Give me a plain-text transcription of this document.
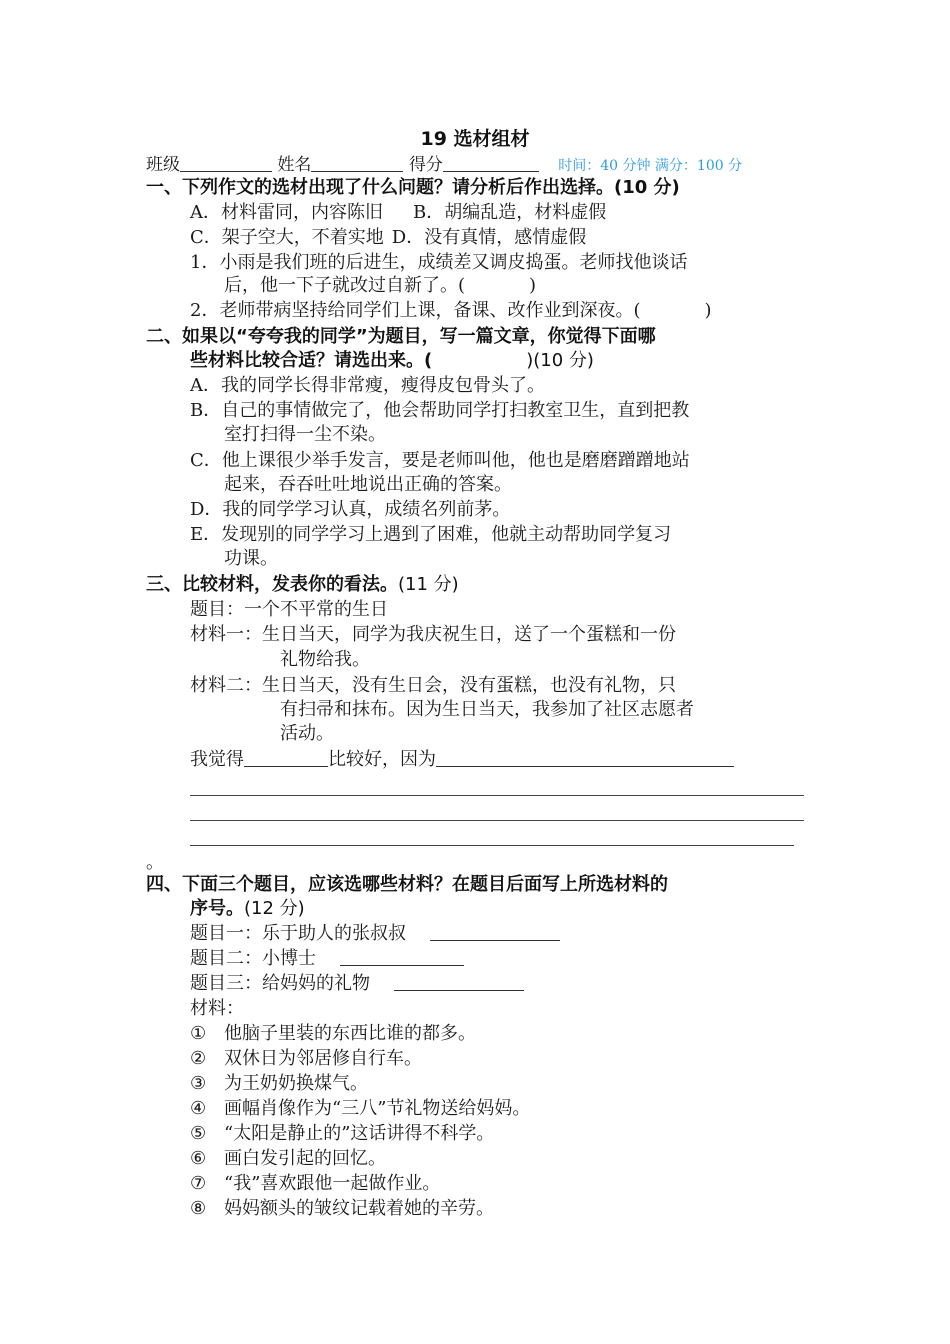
19 选材组材
班级	姓名	得分	时间：40 分钟 满分：100 分
一、下列作文的选材出现了什么问题？请分析后作出选择。(10 分)
A．材料雷同，内容陈旧 B．胡编乱造，材料虚假
C．架子空大，不着实地 D．没有真情，感情虚假
1．小雨是我们班的后进生，成绩差又调皮捣蛋。老师找他谈话
后，他一下子就改过自新了。(	)
2．老师带病坚持给同学们上课，备课、改作业到深夜。(	)
二、如果以“夸夸我的同学”为题目，写一篇文章，你觉得下面哪
些材料比较合适？请选出来。(	)(10 分)
A．我的同学长得非常瘦，瘦得皮包骨头了。
B．自己的事情做完了，他会帮助同学打扫教室卫生，直到把教
室打扫得一尘不染。
C．他上课很少举手发言，要是老师叫他，他也是磨磨蹭蹭地站
起来，吞吞吐吐地说出正确的答案。
D．我的同学学习认真，成绩名列前茅。
E．发现别的同学学习上遇到了困难，他就主动帮助同学复习
功课。
三、比较材料，发表你的看法。(11 分)
题目：一个不平常的生日
材料一：生日当天，同学为我庆祝生日，送了一个蛋糕和一份
礼物给我。
材料二：生日当天，没有生日会，没有蛋糕，也没有礼物，只
有扫帚和抹布。因为生日当天，我参加了社区志愿者
活动。
我觉得	比较好，因为
。
四、下面三个题目，应该选哪些材料？在题目后面写上所选材料的
序号。(12 分)
题目一：乐于助人的张叔叔
题目二：小博士
题目三：给妈妈的礼物
材料：
① 他脑子里装的东西比谁的都多。
② 双休日为邻居修自行车。
③ 为王奶奶换煤气。
④ 画幅肖像作为“三八”节礼物送给妈妈。
⑤ “太阳是静止的”这话讲得不科学。
⑥ 画白发引起的回忆。
⑦ “我”喜欢跟他一起做作业。
⑧ 妈妈额头的皱纹记载着她的辛劳。
